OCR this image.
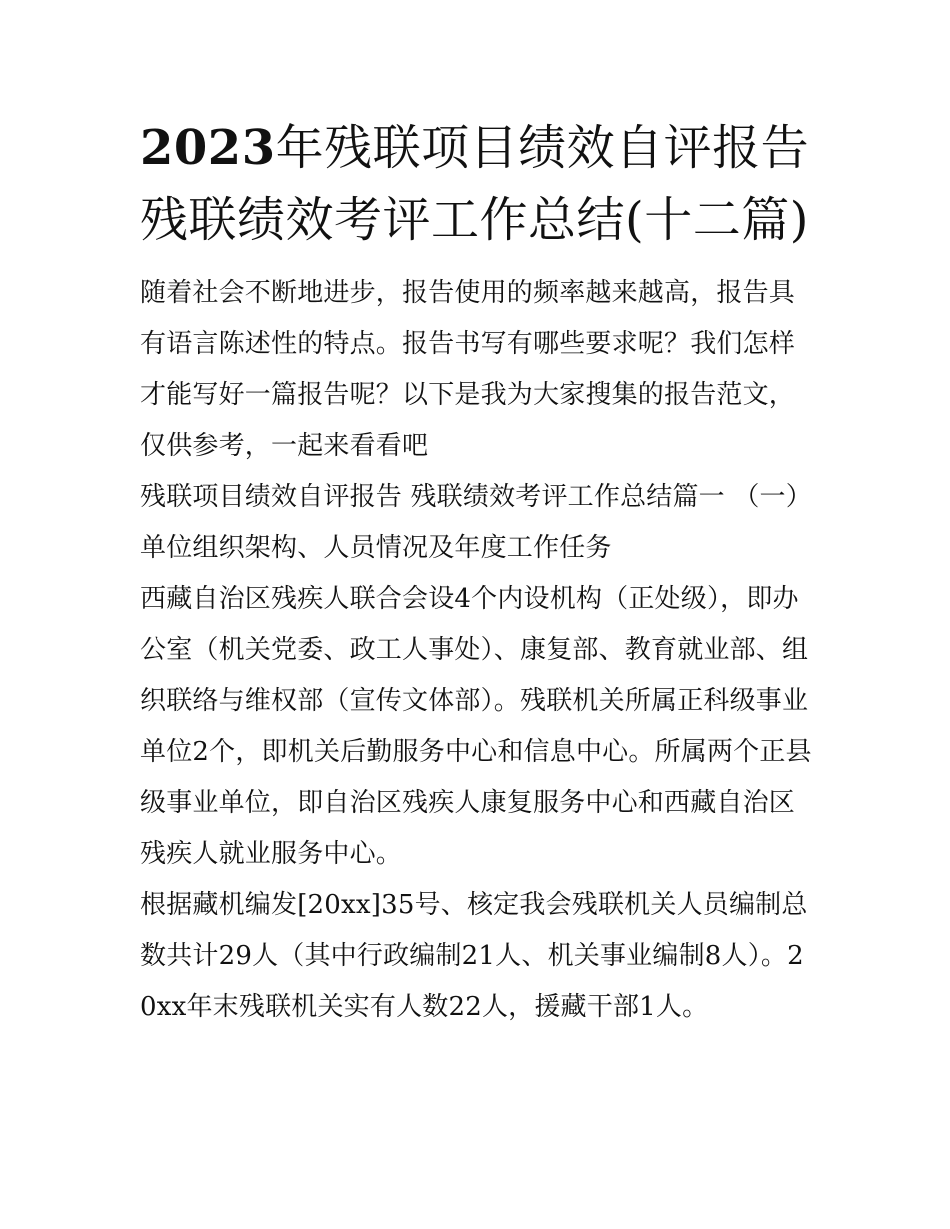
2023年残联项目绩效自评报告残联绩效考评工作总结(十二篇)

随着社会不断地进步，报告使用的频率越来越高，报告具有语言陈述性的特点。报告书写有哪些要求呢？我们怎样才能写好一篇报告呢？以下是我为大家搜集的报告范文，仅供参考，一起来看看吧

残联项目绩效自评报告 残联绩效考评工作总结篇一 （一）单位组织架构、人员情况及年度工作任务

西藏自治区残疾人联合会设4个内设机构（正处级），即办公室（机关党委、政工人事处）、康复部、教育就业部、组织联络与维权部（宣传文体部）。残联机关所属正科级事业单位2个，即机关后勤服务中心和信息中心。所属两个正县级事业单位，即自治区残疾人康复服务中心和西藏自治区残疾人就业服务中心。

根据藏机编发[20xx]35号、核定我会残联机关人员编制总数共计29人（其中行政编制21人、机关事业编制8人）。20xx年末残联机关实有人数22人，援藏干部1人。
